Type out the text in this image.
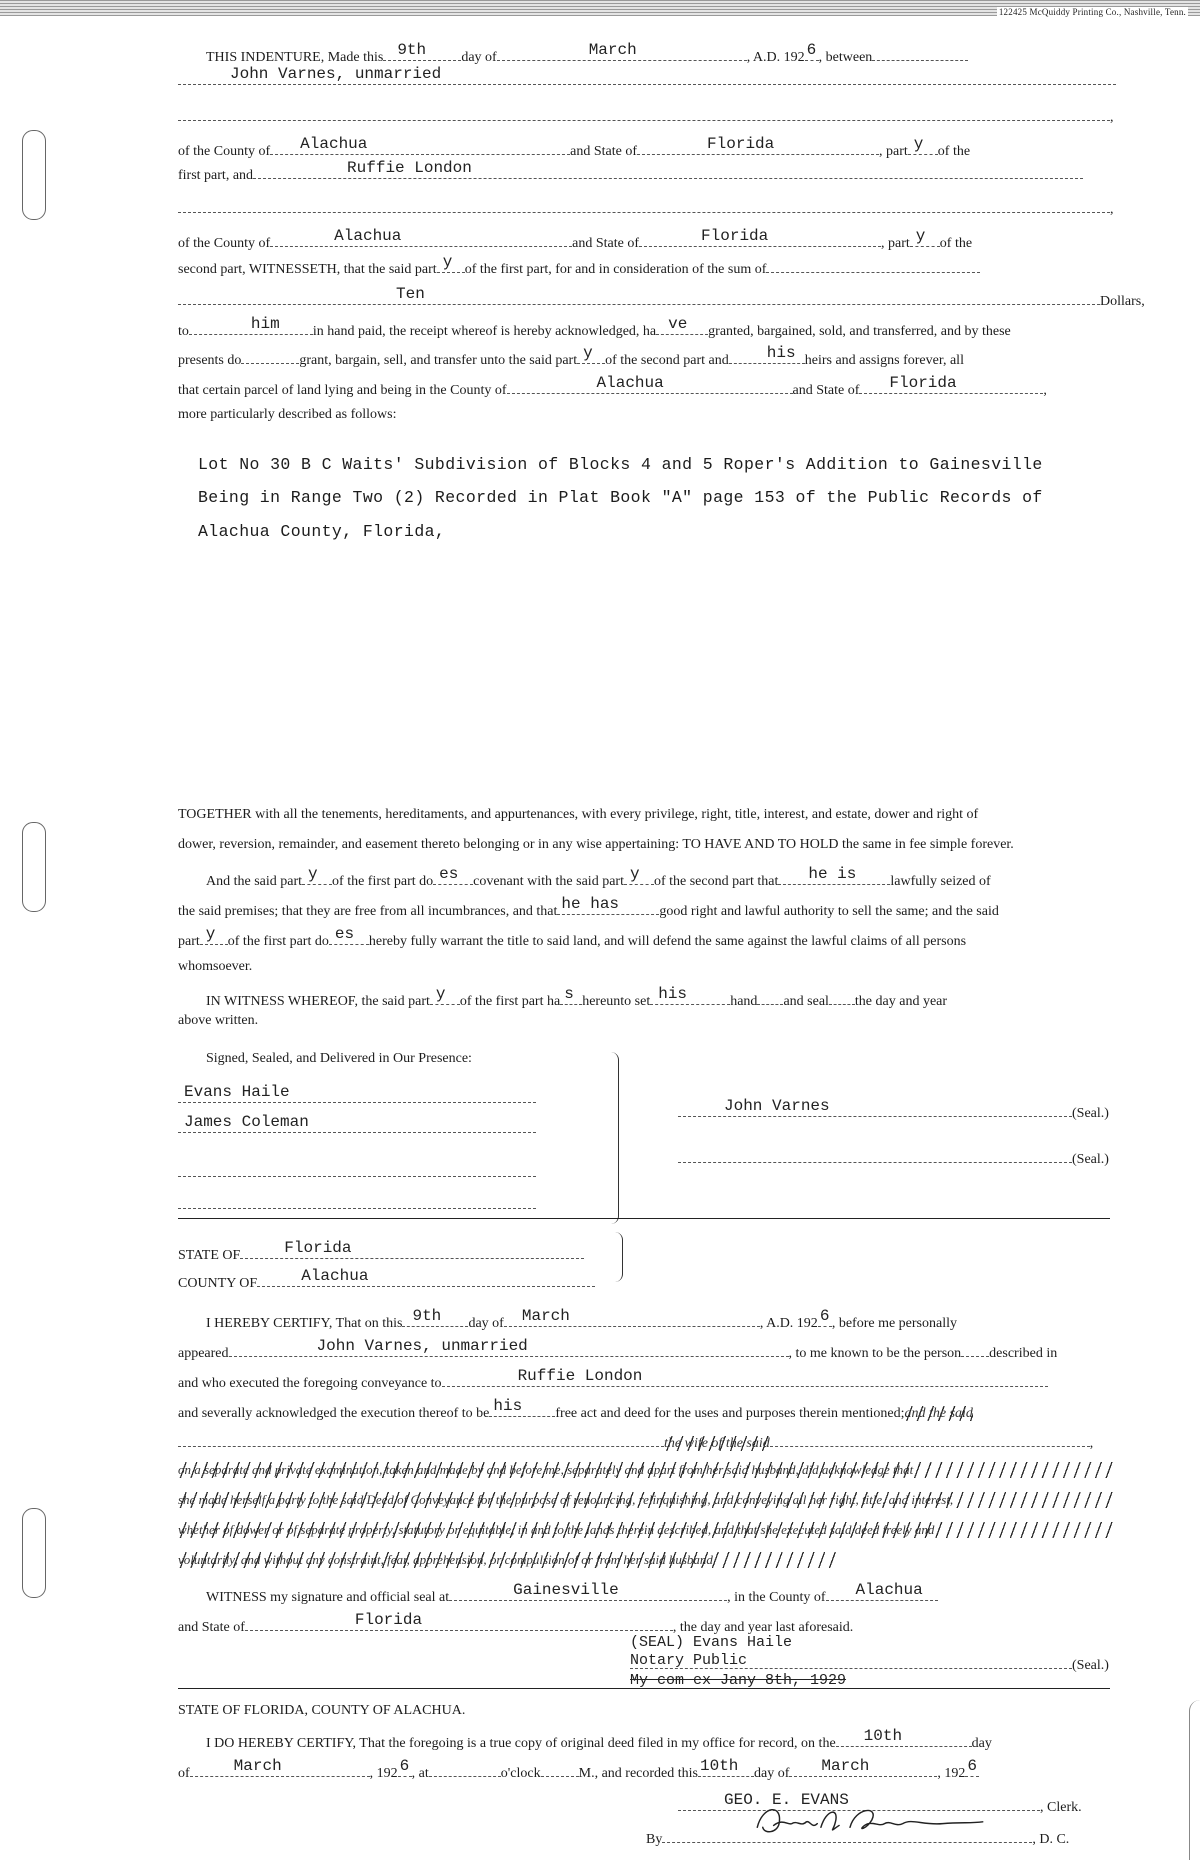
122425 McQuiddy Printing Co., Nashville, Tenn.
THIS INDENTURE, Made this 9th	day of	March	, A.D. 192 6 , between
John Varnes, unmarried
,
of the County of Alachua	and State of	Florida	, part y of the
first part, and	Ruffie London
,
of the County of	Alachua	and State of	Florida	, part y of the
second part, WITNESSETH, that the said part y of the first part, for and in consideration of the sum of
Ten	Dollars,
to	him in hand paid, the receipt whereof is hereby acknowledged, ha ve granted, bargained, sold, and transferred, and by these
presents do	grant, bargain, sell, and transfer unto the said part y of the second part and his heirs and assigns forever, all
that certain parcel of land lying and being in the County of	Alachua	and State of Florida	,
more particularly described as follows:
Lot No 30 B C Waits' Subdivision of Blocks 4 and 5 Roper's Addition to Gainesville
Being in Range Two (2) Recorded in Plat Book "A" page 153 of the Public Records of
Alachua County, Florida,
TOGETHER with all the tenements, hereditaments, and appurtenances, with every privilege, right, title, interest, and estate, dower and right of
dower, reversion, remainder, and easement thereto belonging or in any wise appertaining: TO HAVE AND TO HOLD the same in fee simple forever.
And the said part y of the first part do es covenant with the said part y of the second part that he is lawfully seized of
the said premises; that they are free from all incumbrances, and that he has	good right and lawful authority to sell the same; and the said
part y of the first part do es hereby fully warrant the title to said land, and will defend the same against the lawful claims of all persons
whomsoever.
IN WITNESS WHEREOF, the said part y of the first part ha s hereunto set his	hand and seal the day and year
above written.
Signed, Sealed, and Delivered in Our Presence:
Evans Haile
James Coleman
John Varnes	(Seal.)
(Seal.)
STATE OF	Florida
COUNTY OF	Alachua
I HEREBY CERTIFY, That on this 9th day of March	, A.D. 192 6 , before me personally
appeared	John Varnes, unmarried	, to me known to be the person described in
and who executed the foregoing conveyance to	Ruffie London
and severally acknowledged the execution thereof to be his free act and deed for the uses and purposes therein mentioned;and the said
the wife of the said	,
on a separate and private examination, taken and made by and before me, separately and apart from her said husband, did acknowledge that
she made herself a party to the said Deed of Conveyance for the purpose of renouncing, relinquishing, and conveying all her right, title, and interest,
whether of dower or of separate property, statutory or equitable, in and to the lands therein described, and that she executed said deed freely and
voluntarily, and without any constraint, fear, apprehension, or compulsion of or from her said husband.
WITNESS my signature and official seal at	Gainesville	, in the County of Alachua
and State of	Florida	, the day and year last aforesaid.
(SEAL) Evans Haile
Notary Public	(Seal.)
My com ex Jany 8th, 1929
STATE OF FLORIDA, COUNTY OF ALACHUA.
I DO HEREBY CERTIFY, That the foregoing is a true copy of original deed filed in my office for record, on the 10th	day
of	March	, 192 6 , at	o'clock	M., and recorded this 10th day of March	, 192 6
GEO. E. EVANS	, Clerk.
By	, D. C.
